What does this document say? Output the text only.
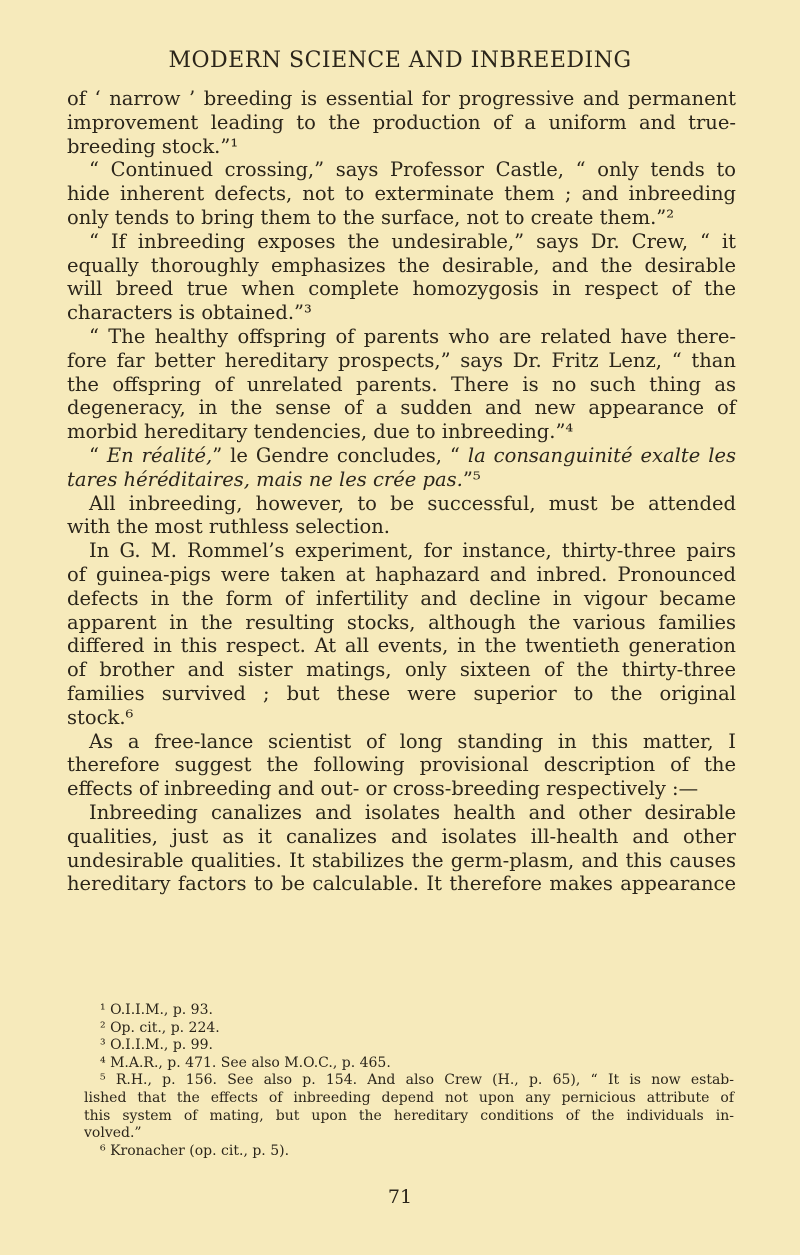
MODERN SCIENCE AND INBREEDING
of ‘ narrow ’ breeding is essential for progressive and permanent
improvement leading to the production of a uniform and true-
breeding stock.”¹
“ Continued crossing,” says Professor Castle, “ only tends to
hide inherent defects, not to exterminate them ; and inbreeding
only tends to bring them to the surface, not to create them.”²
“ If inbreeding exposes the undesirable,” says Dr. Crew, “ it
equally thoroughly emphasizes the desirable, and the desirable
will breed true when complete homozygosis in respect of the
characters is obtained.”³
“ The healthy offspring of parents who are related have there-
fore far better hereditary prospects,” says Dr. Fritz Lenz, “ than
the offspring of unrelated parents. There is no such thing as
degeneracy, in the sense of a sudden and new appearance of
morbid hereditary tendencies, due to inbreeding.”⁴
“ En réalité,” le Gendre concludes, “ la consanguinité exalte les
tares héréditaires, mais ne les crée pas.”⁵
All inbreeding, however, to be successful, must be attended
with the most ruthless selection.
In G. M. Rommel’s experiment, for instance, thirty-three pairs
of guinea-pigs were taken at haphazard and inbred. Pronounced
defects in the form of infertility and decline in vigour became
apparent in the resulting stocks, although the various families
differed in this respect. At all events, in the twentieth generation
of brother and sister matings, only sixteen of the thirty-three
families survived ; but these were superior to the original
stock.⁶
As a free-lance scientist of long standing in this matter, I
therefore suggest the following provisional description of the
effects of inbreeding and out- or cross-breeding respectively :—
Inbreeding canalizes and isolates health and other desirable
qualities, just as it canalizes and isolates ill-health and other
undesirable qualities. It stabilizes the germ-plasm, and this causes
hereditary factors to be calculable. It therefore makes appearance
¹ O.I.I.M., p. 93.
² Op. cit., p. 224.
³ O.I.I.M., p. 99.
⁴ M.A.R., p. 471. See also M.O.C., p. 465.
⁵ R.H., p. 156. See also p. 154. And also Crew (H., p. 65), “ It is now estab-
lished that the effects of inbreeding depend not upon any pernicious attribute of
this system of mating, but upon the hereditary conditions of the individuals in-
volved.”
⁶ Kronacher (op. cit., p. 5).
71
